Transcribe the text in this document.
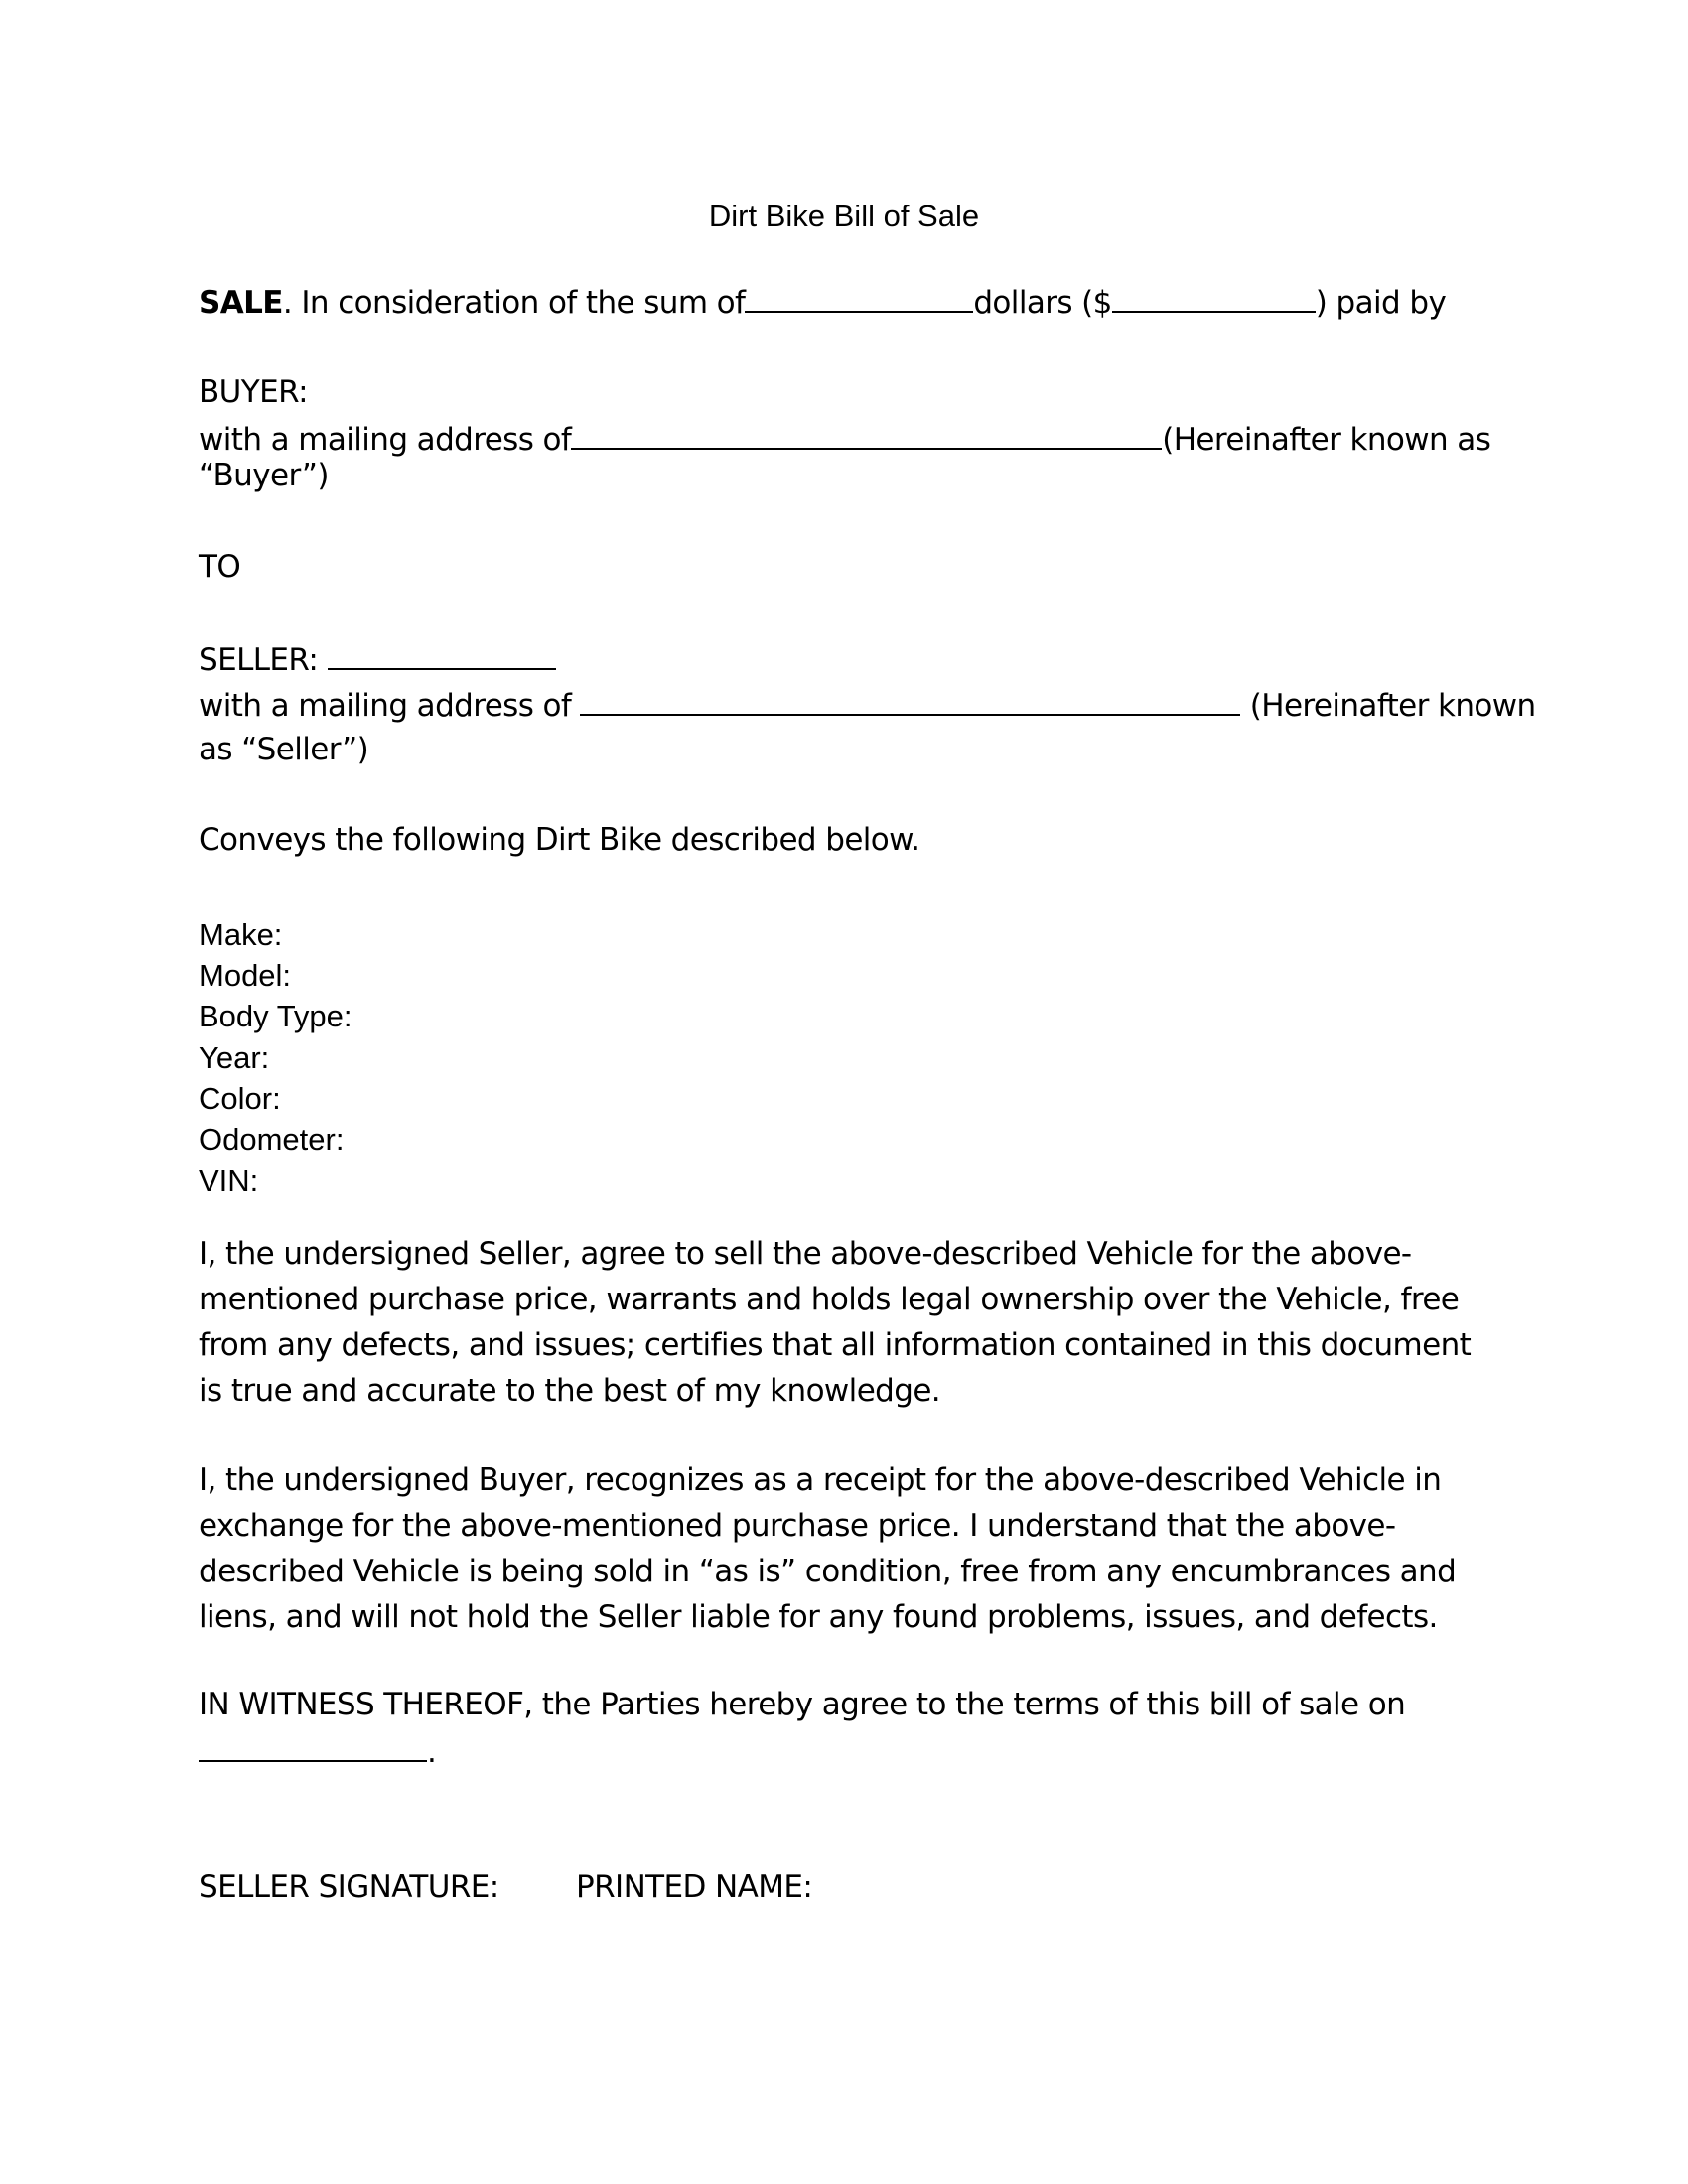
Dirt Bike Bill of Sale
SALE. In consideration of the sum of	dollars ($	) paid by
BUYER:
with a mailing address of	(Hereinafter known as
“Buyer”)
TO
SELLER:
with a mailing address of	(Hereinafter known
as “Seller”)
Conveys the following Dirt Bike described below.
Make:
Model:
Body Type:
Year:
Color:
Odometer:
VIN:
I, the undersigned Seller, agree to sell the above-described Vehicle for the above-mentioned purchase price, warrants and holds legal ownership over the Vehicle, free from any defects, and issues; certifies that all information contained in this document is true and accurate to the best of my knowledge.
I, the undersigned Buyer, recognizes as a receipt for the above-described Vehicle in exchange for the above-mentioned purchase price. I understand that the above-described Vehicle is being sold in “as is” condition, free from any encumbrances and liens, and will not hold the Seller liable for any found problems, issues, and defects.
IN WITNESS THEREOF, the Parties hereby agree to the terms of this bill of sale on
.
SELLER SIGNATURE: PRINTED NAME:
